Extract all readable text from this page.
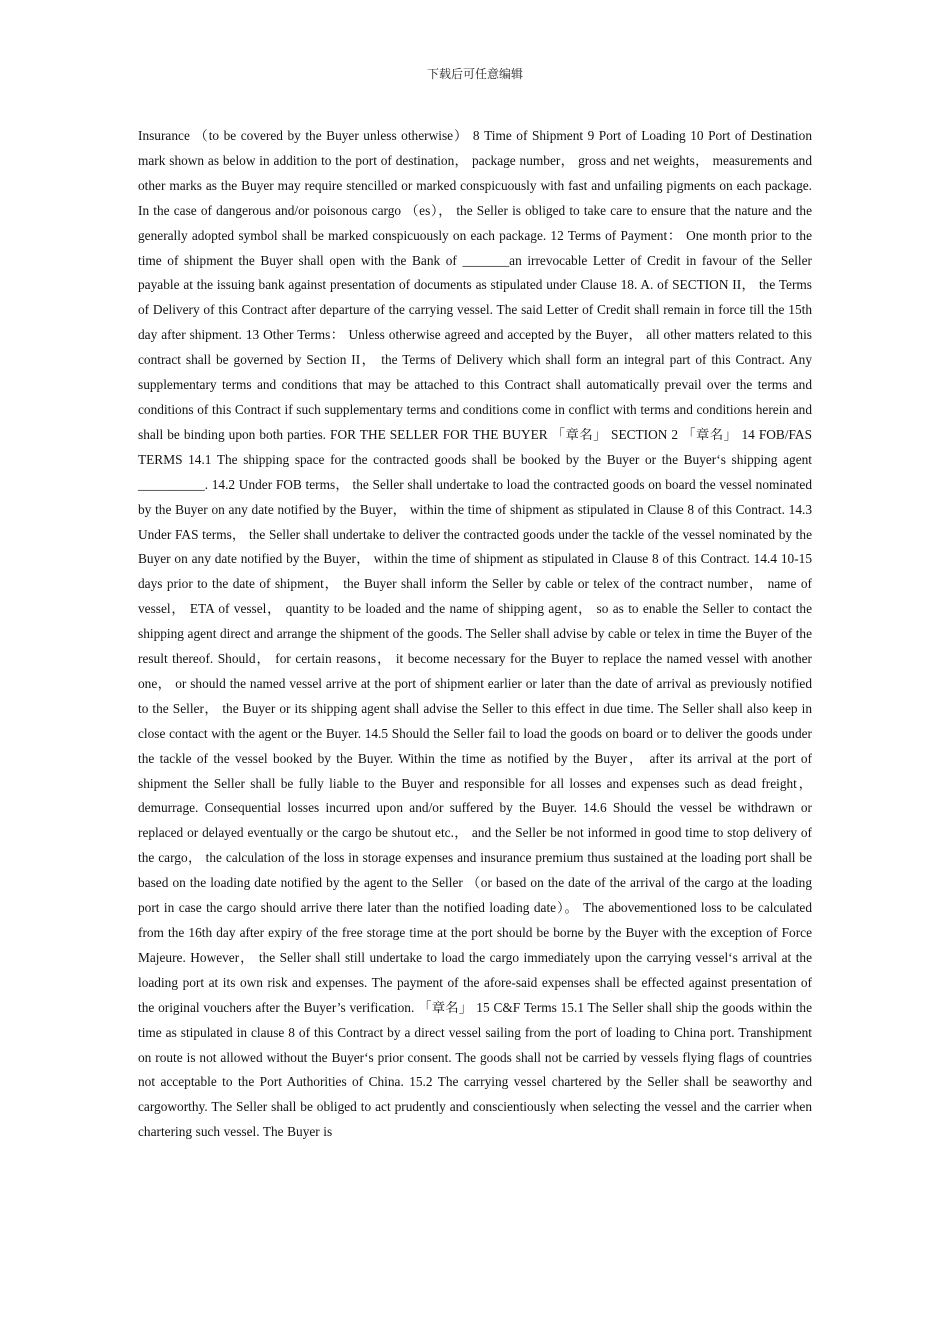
下载后可任意编辑

Insurance （to be covered by the Buyer unless otherwise） 8 Time of Shipment 9 Port of Loading 10 Port of Destination mark shown as below in addition to the port of destination， package number， gross and net weights， measurements and other marks as the Buyer may require stencilled or marked conspicuously with fast and unfailing pigments on each package. In the case of dangerous and/or poisonous cargo （es）， the Seller is obliged to take care to ensure that the nature and the generally adopted symbol shall be marked conspicuously on each package. 12 Terms of Payment： One month prior to the time of shipment the Buyer shall open with the Bank of _______an irrevocable Letter of Credit in favour of the Seller payable at the issuing bank against presentation of documents as stipulated under Clause 18. A. of SECTION II， the Terms of Delivery of this Contract after departure of the carrying vessel. The said Letter of Credit shall remain in force till the 15th day after shipment. 13 Other Terms： Unless otherwise agreed and accepted by the Buyer， all other matters related to this contract shall be governed by Section II， the Terms of Delivery which shall form an integral part of this Contract. Any supplementary terms and conditions that may be attached to this Contract shall automatically prevail over the terms and conditions of this Contract if such supplementary terms and conditions come in conflict with terms and conditions herein and shall be binding upon both parties. FOR THE SELLER FOR THE BUYER 「章名」 SECTION 2 「章名」 14 FOB/FAS TERMS 14.1 The shipping space for the contracted goods shall be booked by the Buyer or the Buyer‘s shipping agent __________. 14.2 Under FOB terms， the Seller shall undertake to load the contracted goods on board the vessel nominated by the Buyer on any date notified by the Buyer， within the time of shipment as stipulated in Clause 8 of this Contract. 14.3 Under FAS terms， the Seller shall undertake to deliver the contracted goods under the tackle of the vessel nominated by the Buyer on any date notified by the Buyer， within the time of shipment as stipulated in Clause 8 of this Contract. 14.4 10-15 days prior to the date of shipment， the Buyer shall inform the Seller by cable or telex of the contract number， name of vessel， ETA of vessel， quantity to be loaded and the name of shipping agent， so as to enable the Seller to contact the shipping agent direct and arrange the shipment of the goods. The Seller shall advise by cable or telex in time the Buyer of the result thereof. Should， for certain reasons， it become necessary for the Buyer to replace the named vessel with another one， or should the named vessel arrive at the port of shipment earlier or later than the date of arrival as previously notified to the Seller， the Buyer or its shipping agent shall advise the Seller to this effect in due time. The Seller shall also keep in close contact with the agent or the Buyer. 14.5 Should the Seller fail to load the goods on board or to deliver the goods under the tackle of the vessel booked by the Buyer. Within the time as notified by the Buyer， after its arrival at the port of shipment the Seller shall be fully liable to the Buyer and responsible for all losses and expenses such as dead freight， demurrage. Consequential losses incurred upon and/or suffered by the Buyer. 14.6 Should the vessel be withdrawn or replaced or delayed eventually or the cargo be shutout etc.， and the Seller be not informed in good time to stop delivery of the cargo， the calculation of the loss in storage expenses and insurance premium thus sustained at the loading port shall be based on the loading date notified by the agent to the Seller （or based on the date of the arrival of the cargo at the loading port in case the cargo should arrive there later than the notified loading date）。 The abovementioned loss to be calculated from the 16th day after expiry of the free storage time at the port should be borne by the Buyer with the exception of Force Majeure. However， the Seller shall still undertake to load the cargo immediately upon the carrying vessel‘s arrival at the loading port at its own risk and expenses. The payment of the afore-said expenses shall be effected against presentation of the original vouchers after the Buyer’s verification. 「章名」 15 C&F Terms 15.1 The Seller shall ship the goods within the time as stipulated in clause 8 of this Contract by a direct vessel sailing from the port of loading to China port. Transhipment on route is not allowed without the Buyer‘s prior consent. The goods shall not be carried by vessels flying flags of countries not acceptable to the Port Authorities of China. 15.2 The carrying vessel chartered by the Seller shall be seaworthy and cargoworthy. The Seller shall be obliged to act prudently and conscientiously when selecting the vessel and the carrier when chartering such vessel. The Buyer is
